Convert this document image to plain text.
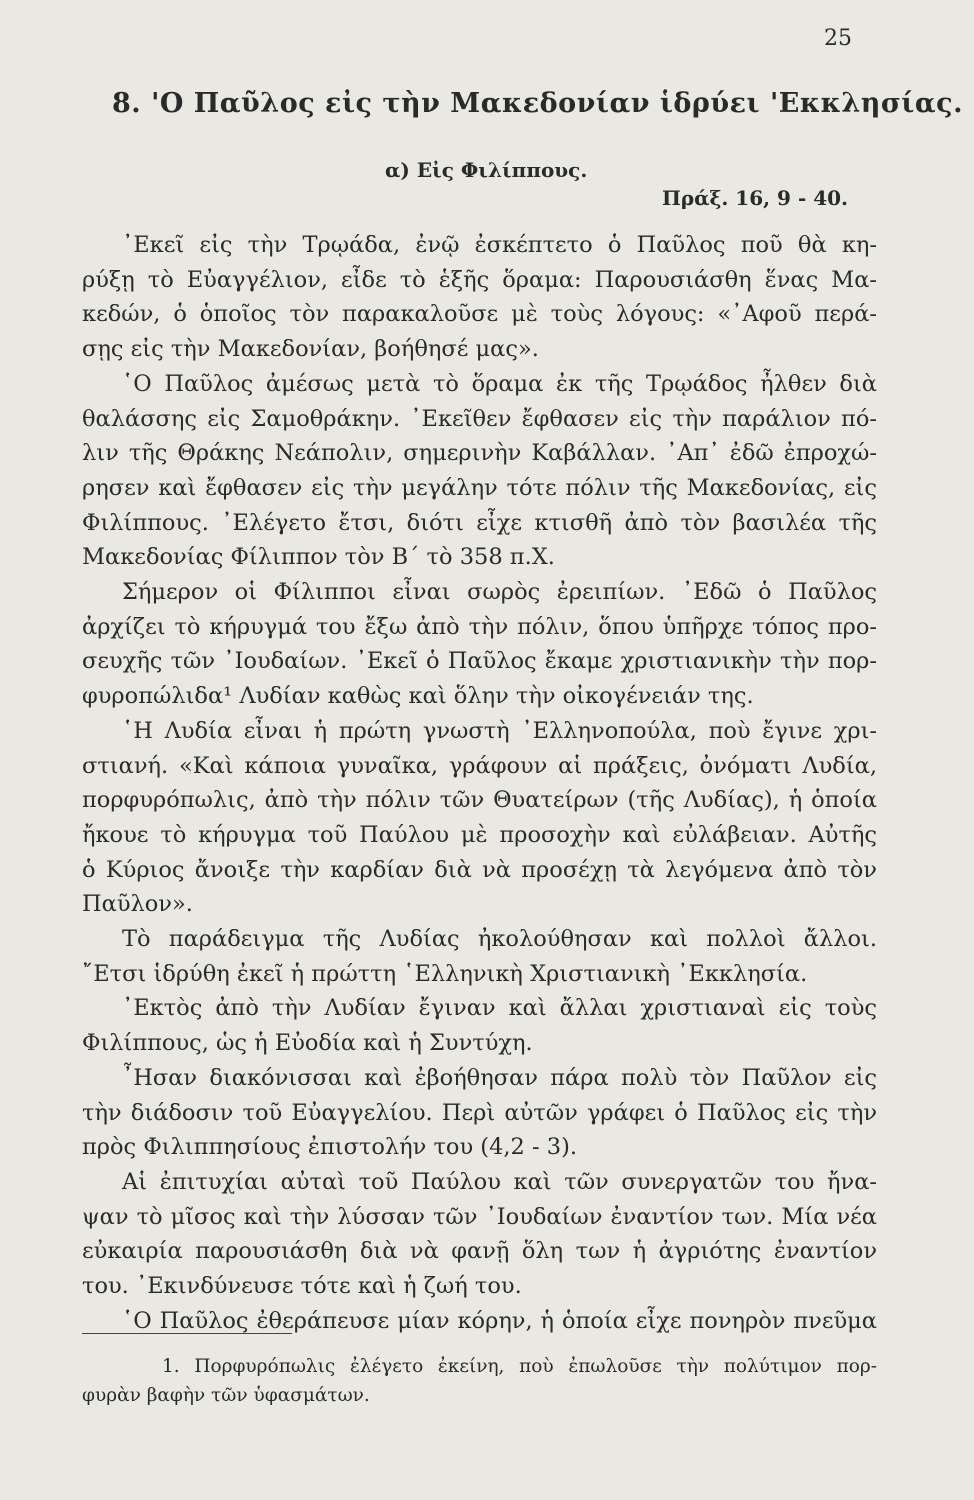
25
8. 'Ο Παῦλος εἰς τὴν Μακεδονίαν ἱδρύει 'Εκκλησίας.
α) Εἰς Φιλίππους.
Πράξ. 16, 9 - 40.
᾿Εκεῖ εἰς τὴν Τρῳάδα, ἐνῷ ἐσκέπτετο ὁ Παῦλος ποῦ θὰ κη-
ρύξῃ τὸ Εὐαγγέλιον, εἶδε τὸ ἑξῆς ὅραμα: Παρουσιάσθη ἕνας Μα-
κεδών, ὁ ὁποῖος τὸν παρακαλοῦσε μὲ τοὺς λόγους: «᾿Αφοῦ περά-
σῃς εἰς τὴν Μακεδονίαν, βοήθησέ μας».
῾Ο Παῦλος ἀμέσως μετὰ τὸ ὅραμα ἐκ τῆς Τρῳάδος ἦλθεν διὰ
θαλάσσης εἰς Σαμοθράκην. ᾿Εκεῖθεν ἔφθασεν εἰς τὴν παράλιον πό-
λιν τῆς Θράκης Νεάπολιν, σημερινὴν Καβάλλαν. ᾿Απ᾿ ἐδῶ ἐπροχώ-
ρησεν καὶ ἔφθασεν εἰς τὴν μεγάλην τότε πόλιν τῆς Μακεδονίας, εἰς
Φιλίππους. ᾿Ελέγετο ἔτσι, διότι εἶχε κτισθῆ ἀπὸ τὸν βασιλέα τῆς
Μακεδονίας Φίλιππον τὸν Β΄ τὸ 358 π.Χ.
Σήμερον οἱ Φίλιπποι εἶναι σωρὸς ἐρειπίων. ᾿Εδῶ ὁ Παῦλος
ἀρχίζει τὸ κήρυγμά του ἔξω ἀπὸ τὴν πόλιν, ὅπου ὑπῆρχε τόπος προ-
σευχῆς τῶν ᾿Ιουδαίων. ᾿Εκεῖ ὁ Παῦλος ἔκαμε χριστιανικὴν τὴν πορ-
φυροπώλιδα¹ Λυδίαν καθὼς καὶ ὅλην τὴν οἰκογένειάν της.
῾Η Λυδία εἶναι ἡ πρώτη γνωστὴ ᾿Ελληνοπούλα, ποὺ ἔγινε χρι-
στιανή. «Καὶ κάποια γυναῖκα, γράφουν αἱ πράξεις, ὀνόματι Λυδία,
πορφυρόπωλις, ἀπὸ τὴν πόλιν τῶν Θυατείρων (τῆς Λυδίας), ἡ ὁποία
ἤκουε τὸ κήρυγμα τοῦ Παύλου μὲ προσοχὴν καὶ εὐλάβειαν. Αὐτῆς
ὁ Κύριος ἄνοιξε τὴν καρδίαν διὰ νὰ προσέχῃ τὰ λεγόμενα ἀπὸ τὸν
Παῦλον».
Τὸ παράδειγμα τῆς Λυδίας ἠκολούθησαν καὶ πολλοὶ ἄλλοι.
῎Ετσι ἱδρύθη ἐκεῖ ἡ πρώττη ῾Ελληνικὴ Χριστιανικὴ ᾿Εκκλησία.
᾿Εκτὸς ἀπὸ τὴν Λυδίαν ἔγιναν καὶ ἄλλαι χριστιαναὶ εἰς τοὺς
Φιλίππους, ὡς ἡ Εὐοδία καὶ ἡ Συντύχη.
῏Ησαν διακόνισσαι καὶ ἐβοήθησαν πάρα πολὺ τὸν Παῦλον εἰς
τὴν διάδοσιν τοῦ Εὐαγγελίου. Περὶ αὐτῶν γράφει ὁ Παῦλος εἰς τὴν
πρὸς Φιλιππησίους ἐπιστολήν του (4,2 - 3).
Αἱ ἐπιτυχίαι αὐταὶ τοῦ Παύλου καὶ τῶν συνεργατῶν του ἤνα-
ψαν τὸ μῖσος καὶ τὴν λύσσαν τῶν ᾿Ιουδαίων ἐναντίον των. Μία νέα
εὐκαιρία παρουσιάσθη διὰ νὰ φανῇ ὅλη των ἡ ἀγριότης ἐναντίον
του. ᾿Εκινδύνευσε τότε καὶ ἡ ζωή του.
῾Ο Παῦλος ἐθεράπευσε μίαν κόρην, ἡ ὁποία εἶχε πονηρὸν πνεῦμα
1. Πορφυρόπωλις ἐλέγετο ἐκείνη, ποὺ ἐπωλοῦσε τὴν πολύτιμον πορ-
φυρὰν βαφὴν τῶν ὑφασμάτων.
